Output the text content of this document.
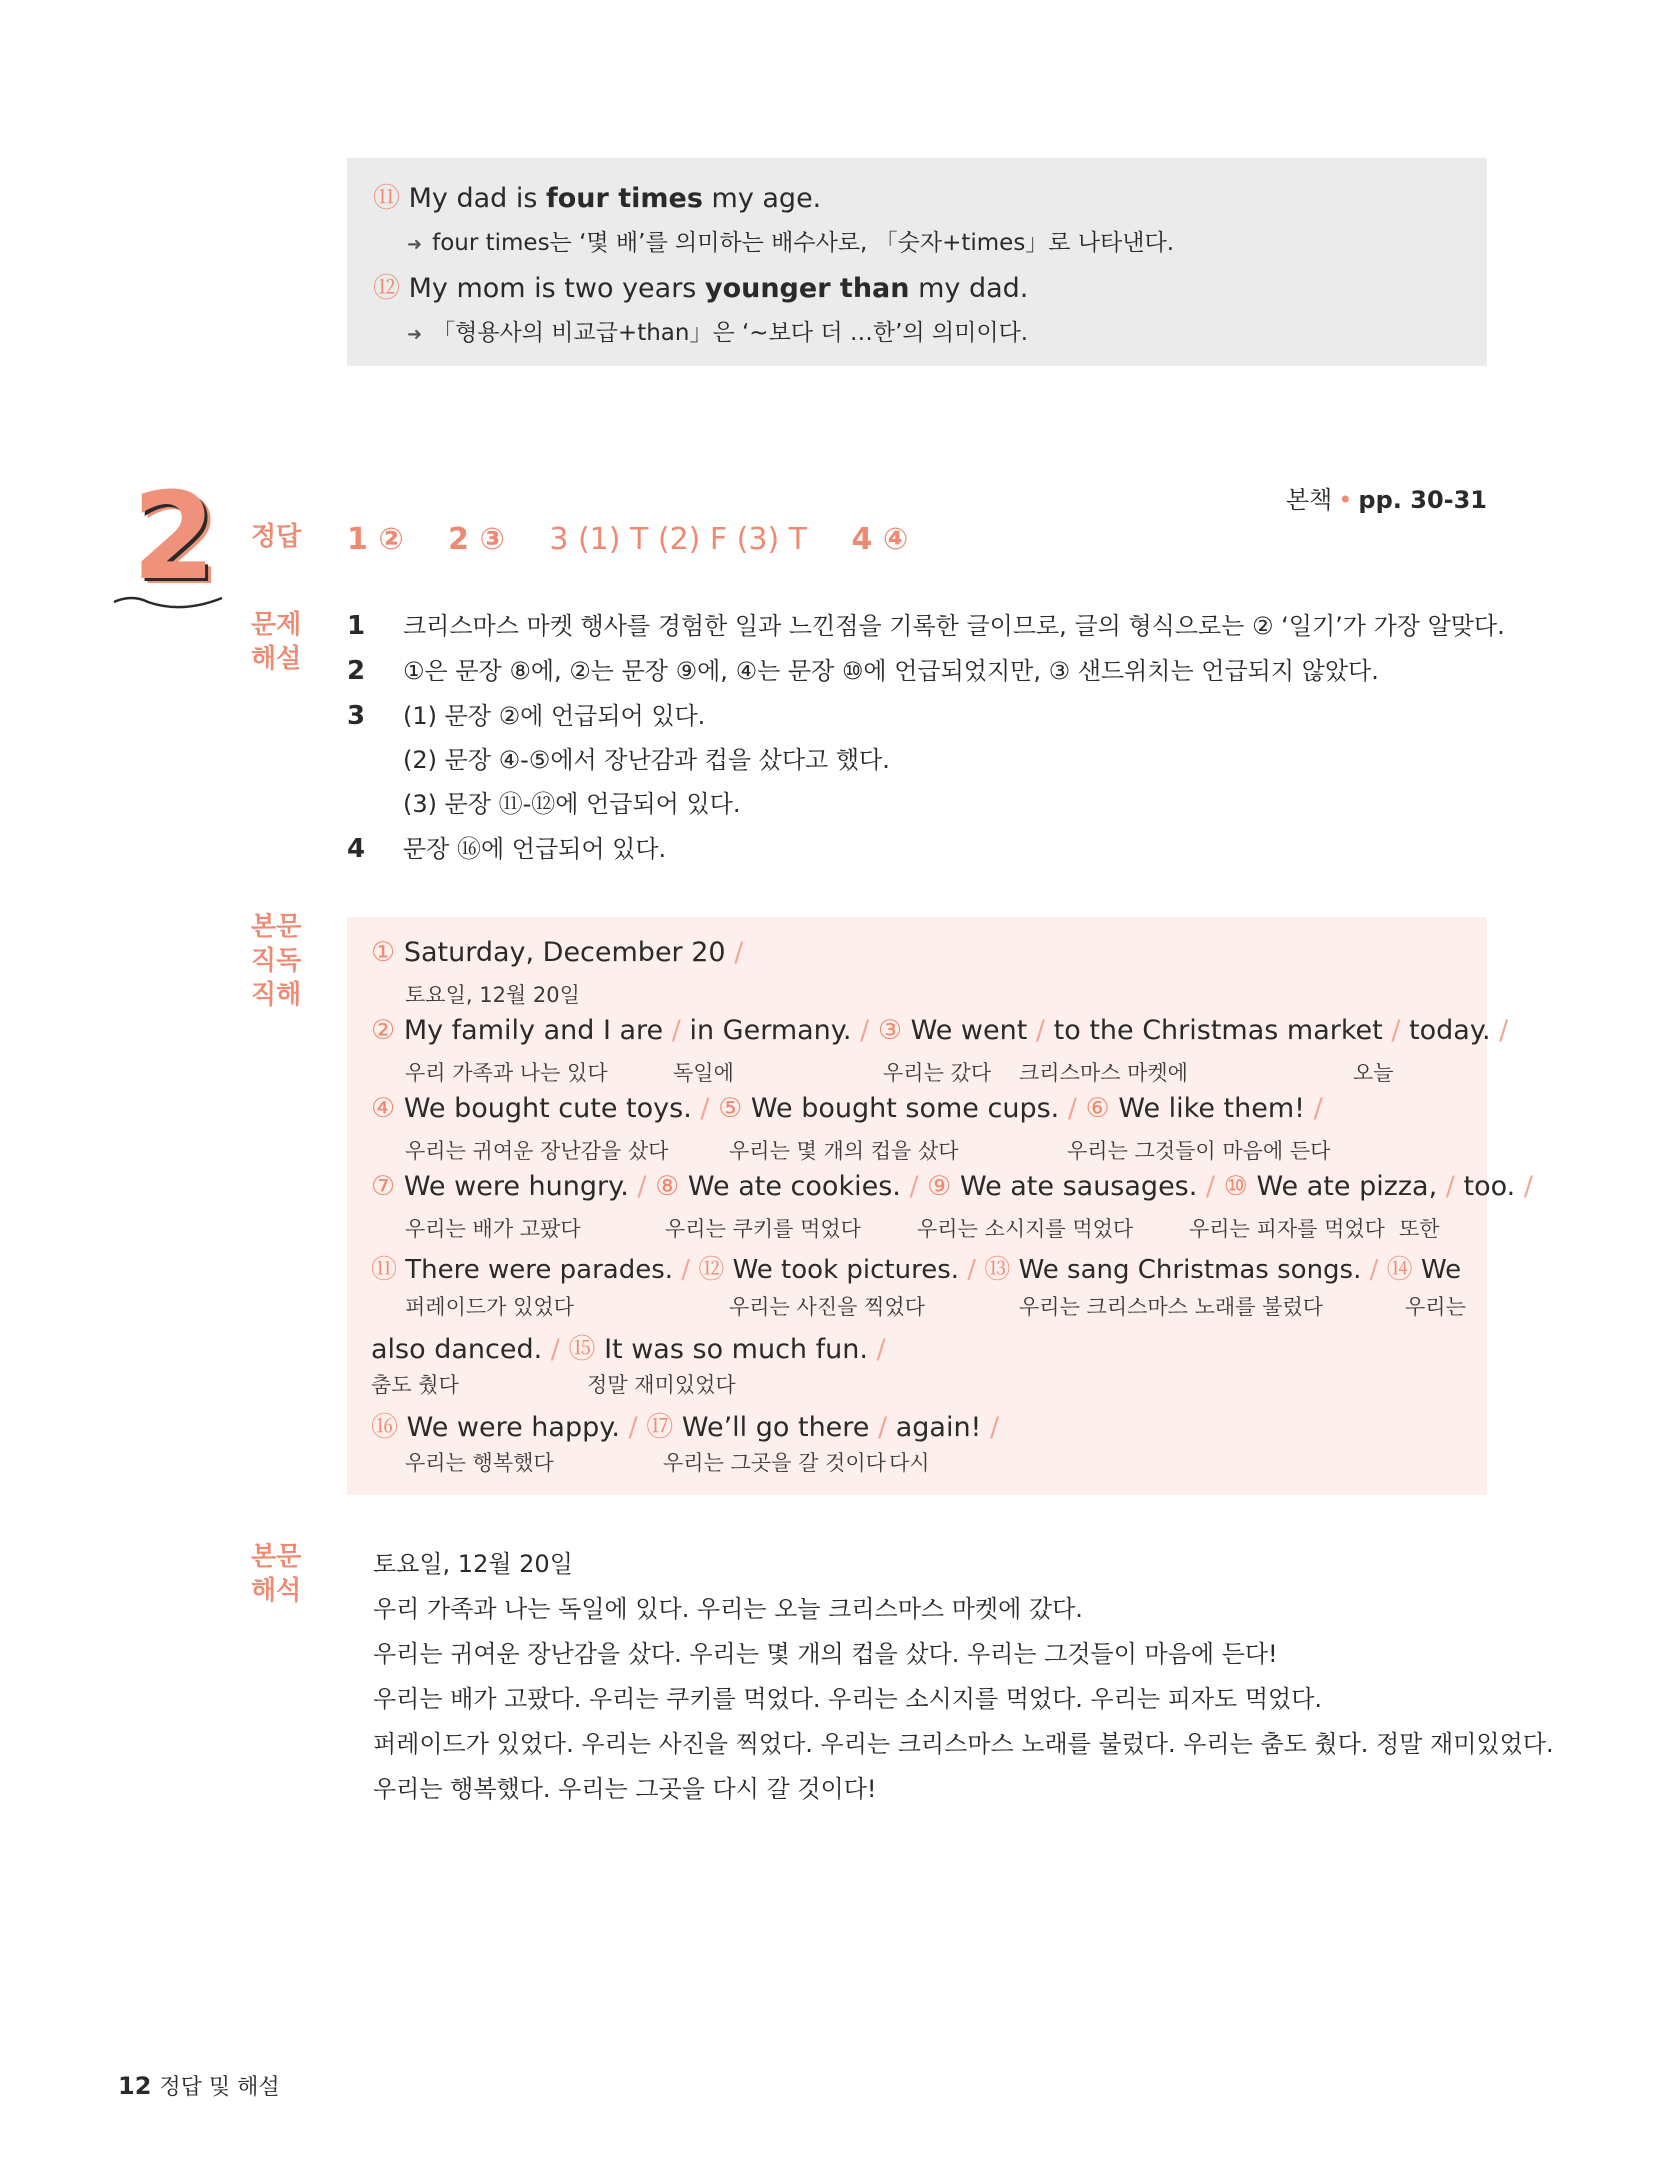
⑪ My dad is four times my age.
➜ four times는 ‘몇 배’를 의미하는 배수사로, 「숫자+times」로 나타낸다.
⑫ My mom is two years younger than my dad.
➜ 「형용사의 비교급+than」은 ‘~보다 더 …한’의 의미이다.
2	본책 • pp. 30-31
정답
문제
해설
본문
직독
직해
본문
해석
1 ② 2 ③ 3 (1) T (2) F (3) T 4 ④
1 크리스마스 마켓 행사를 경험한 일과 느낀점을 기록한 글이므로, 글의 형식으로는 ② ‘일기’가 가장 알맞다.
2 ①은 문장 ⑧에, ②는 문장 ⑨에, ④는 문장 ⑩에 언급되었지만, ③ 샌드위치는 언급되지 않았다.
3 (1) 문장 ②에 언급되어 있다.
(2) 문장 ④-⑤에서 장난감과 컵을 샀다고 했다.
(3) 문장 ⑪-⑫에 언급되어 있다.
4 문장 ⑯에 언급되어 있다.
① Saturday, December 20 /
토요일, 12월 20일
② My family and I are / in Germany. / ③ We went / to the Christmas market / today. /
우리 가족과 나는 있다	독일에	우리는 갔다 크리스마스 마켓에	오늘
④ We bought cute toys. / ⑤ We bought some cups. / ⑥ We like them! /
우리는 귀여운 장난감을 샀다	우리는 몇 개의 컵을 샀다	우리는 그것들이 마음에 든다
⑦ We were hungry. / ⑧ We ate cookies. / ⑨ We ate sausages. / ⑩ We ate pizza, / too. /
우리는 배가 고팠다	우리는 쿠키를 먹었다	우리는 소시지를 먹었다	우리는 피자를 먹었다 또한
⑪ There were parades. / ⑫ We took pictures. / ⑬ We sang Christmas songs. / ⑭ We
퍼레이드가 있었다	우리는 사진을 찍었다	우리는 크리스마스 노래를 불렀다	우리는
also danced. / ⑮ It was so much fun. /
춤도 췄다	정말 재미있었다
⑯ We were happy. / ⑰ We’ll go there / again! /
우리는 행복했다	우리는 그곳을 갈 것이다 다시
토요일, 12월 20일
우리 가족과 나는 독일에 있다. 우리는 오늘 크리스마스 마켓에 갔다.
우리는 귀여운 장난감을 샀다. 우리는 몇 개의 컵을 샀다. 우리는 그것들이 마음에 든다!
우리는 배가 고팠다. 우리는 쿠키를 먹었다. 우리는 소시지를 먹었다. 우리는 피자도 먹었다.
퍼레이드가 있었다. 우리는 사진을 찍었다. 우리는 크리스마스 노래를 불렀다. 우리는 춤도 췄다. 정말 재미있었다.
우리는 행복했다. 우리는 그곳을 다시 갈 것이다!
12 정답 및 해설
